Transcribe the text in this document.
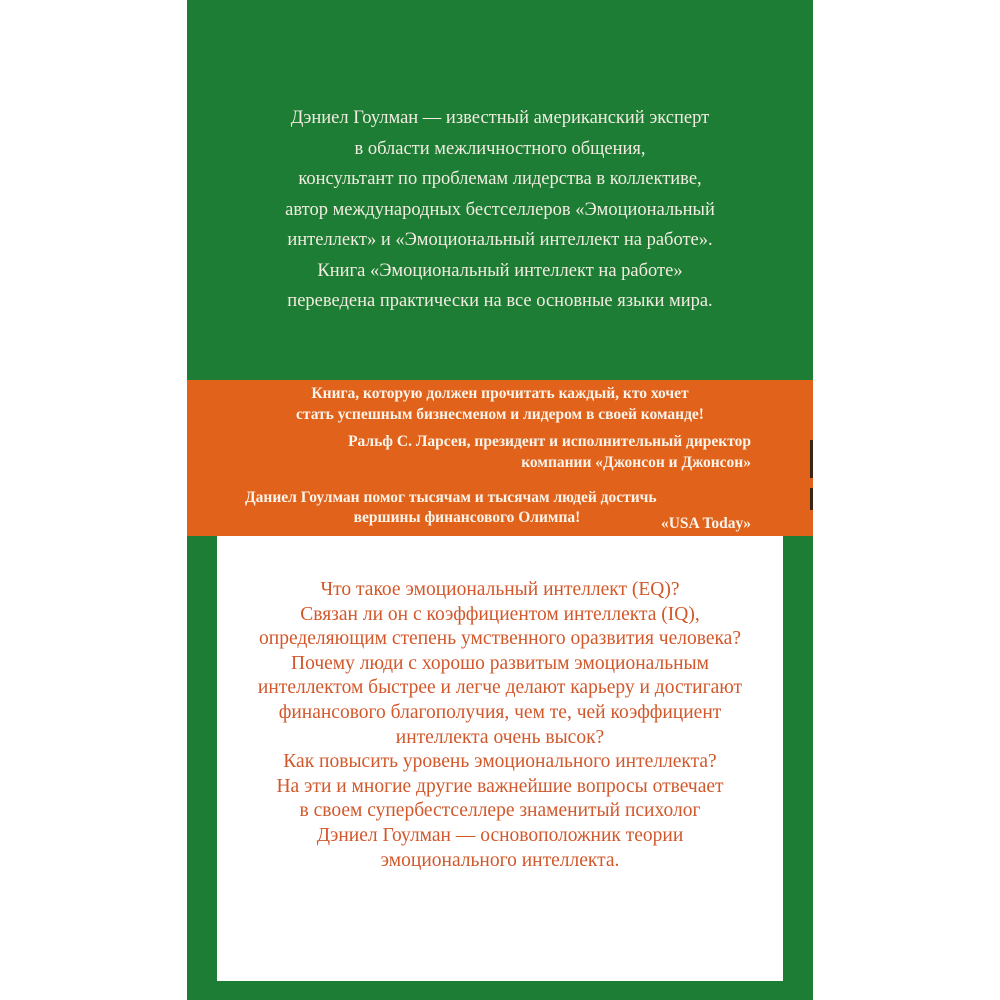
Дэниел Гоулман — известный американский эксперт
в области межличностного общения,
консультант по проблемам лидерства в коллективе,
автор международных бестселлеров «Эмоциональный
интеллект» и «Эмоциональный интеллект на работе».
Книга «Эмоциональный интеллект на работе»
переведена практически на все основные языки мира.
Книга, которую должен прочитать каждый, кто хочет
стать успешным бизнесменом и лидером в своей команде!
Ральф С. Ларсен, президент и исполнительный директор
компании «Джонсон и Джонсон»
Даниел Гоулман помог тысячам и тысячам людей достичь
вершины финансового Олимпа!	«USA Today»
Что такое эмоциональный интеллект (EQ)?
Связан ли он с коэффициентом интеллекта (IQ),
определяющим степень умственного оразвития человека?
Почему люди с хорошо развитым эмоциональным
интеллектом быстрее и легче делают карьеру и достигают
финансового благополучия, чем те, чей коэффициент
интеллекта очень высок?
Как повысить уровень эмоционального интеллекта?
На эти и многие другие важнейшие вопросы отвечает
в своем супербестселлере знаменитый психолог
Дэниел Гоулман — основоположник теории
эмоционального интеллекта.
